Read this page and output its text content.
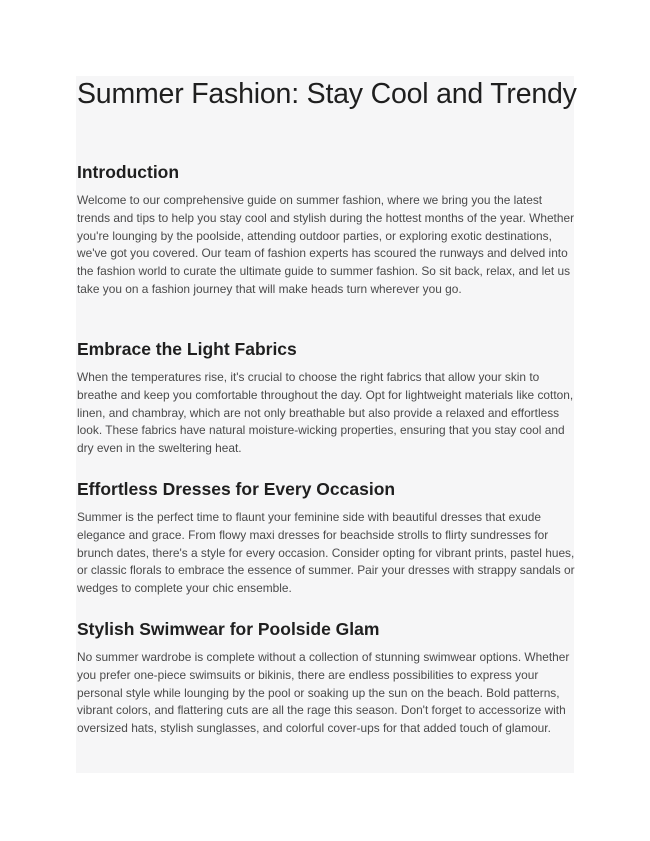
Summer Fashion: Stay Cool and Trendy
Introduction

Welcome to our comprehensive guide on summer fashion, where we bring you the latest trends and tips to help you stay cool and stylish during the hottest months of the year. Whether you're lounging by the poolside, attending outdoor parties, or exploring exotic destinations, we've got you covered. Our team of fashion experts has scoured the runways and delved into the fashion world to curate the ultimate guide to summer fashion. So sit back, relax, and let us take you on a fashion journey that will make heads turn wherever you go.

Embrace the Light Fabrics

When the temperatures rise, it's crucial to choose the right fabrics that allow your skin to breathe and keep you comfortable throughout the day. Opt for lightweight materials like cotton, linen, and chambray, which are not only breathable but also provide a relaxed and effortless look. These fabrics have natural moisture-wicking properties, ensuring that you stay cool and dry even in the sweltering heat.

Effortless Dresses for Every Occasion

Summer is the perfect time to flaunt your feminine side with beautiful dresses that exude elegance and grace. From flowy maxi dresses for beachside strolls to flirty sundresses for brunch dates, there's a style for every occasion. Consider opting for vibrant prints, pastel hues, or classic florals to embrace the essence of summer. Pair your dresses with strappy sandals or wedges to complete your chic ensemble.

Stylish Swimwear for Poolside Glam

No summer wardrobe is complete without a collection of stunning swimwear options. Whether you prefer one-piece swimsuits or bikinis, there are endless possibilities to express your personal style while lounging by the pool or soaking up the sun on the beach. Bold patterns, vibrant colors, and flattering cuts are all the rage this season. Don't forget to accessorize with oversized hats, stylish sunglasses, and colorful cover-ups for that added touch of glamour.
